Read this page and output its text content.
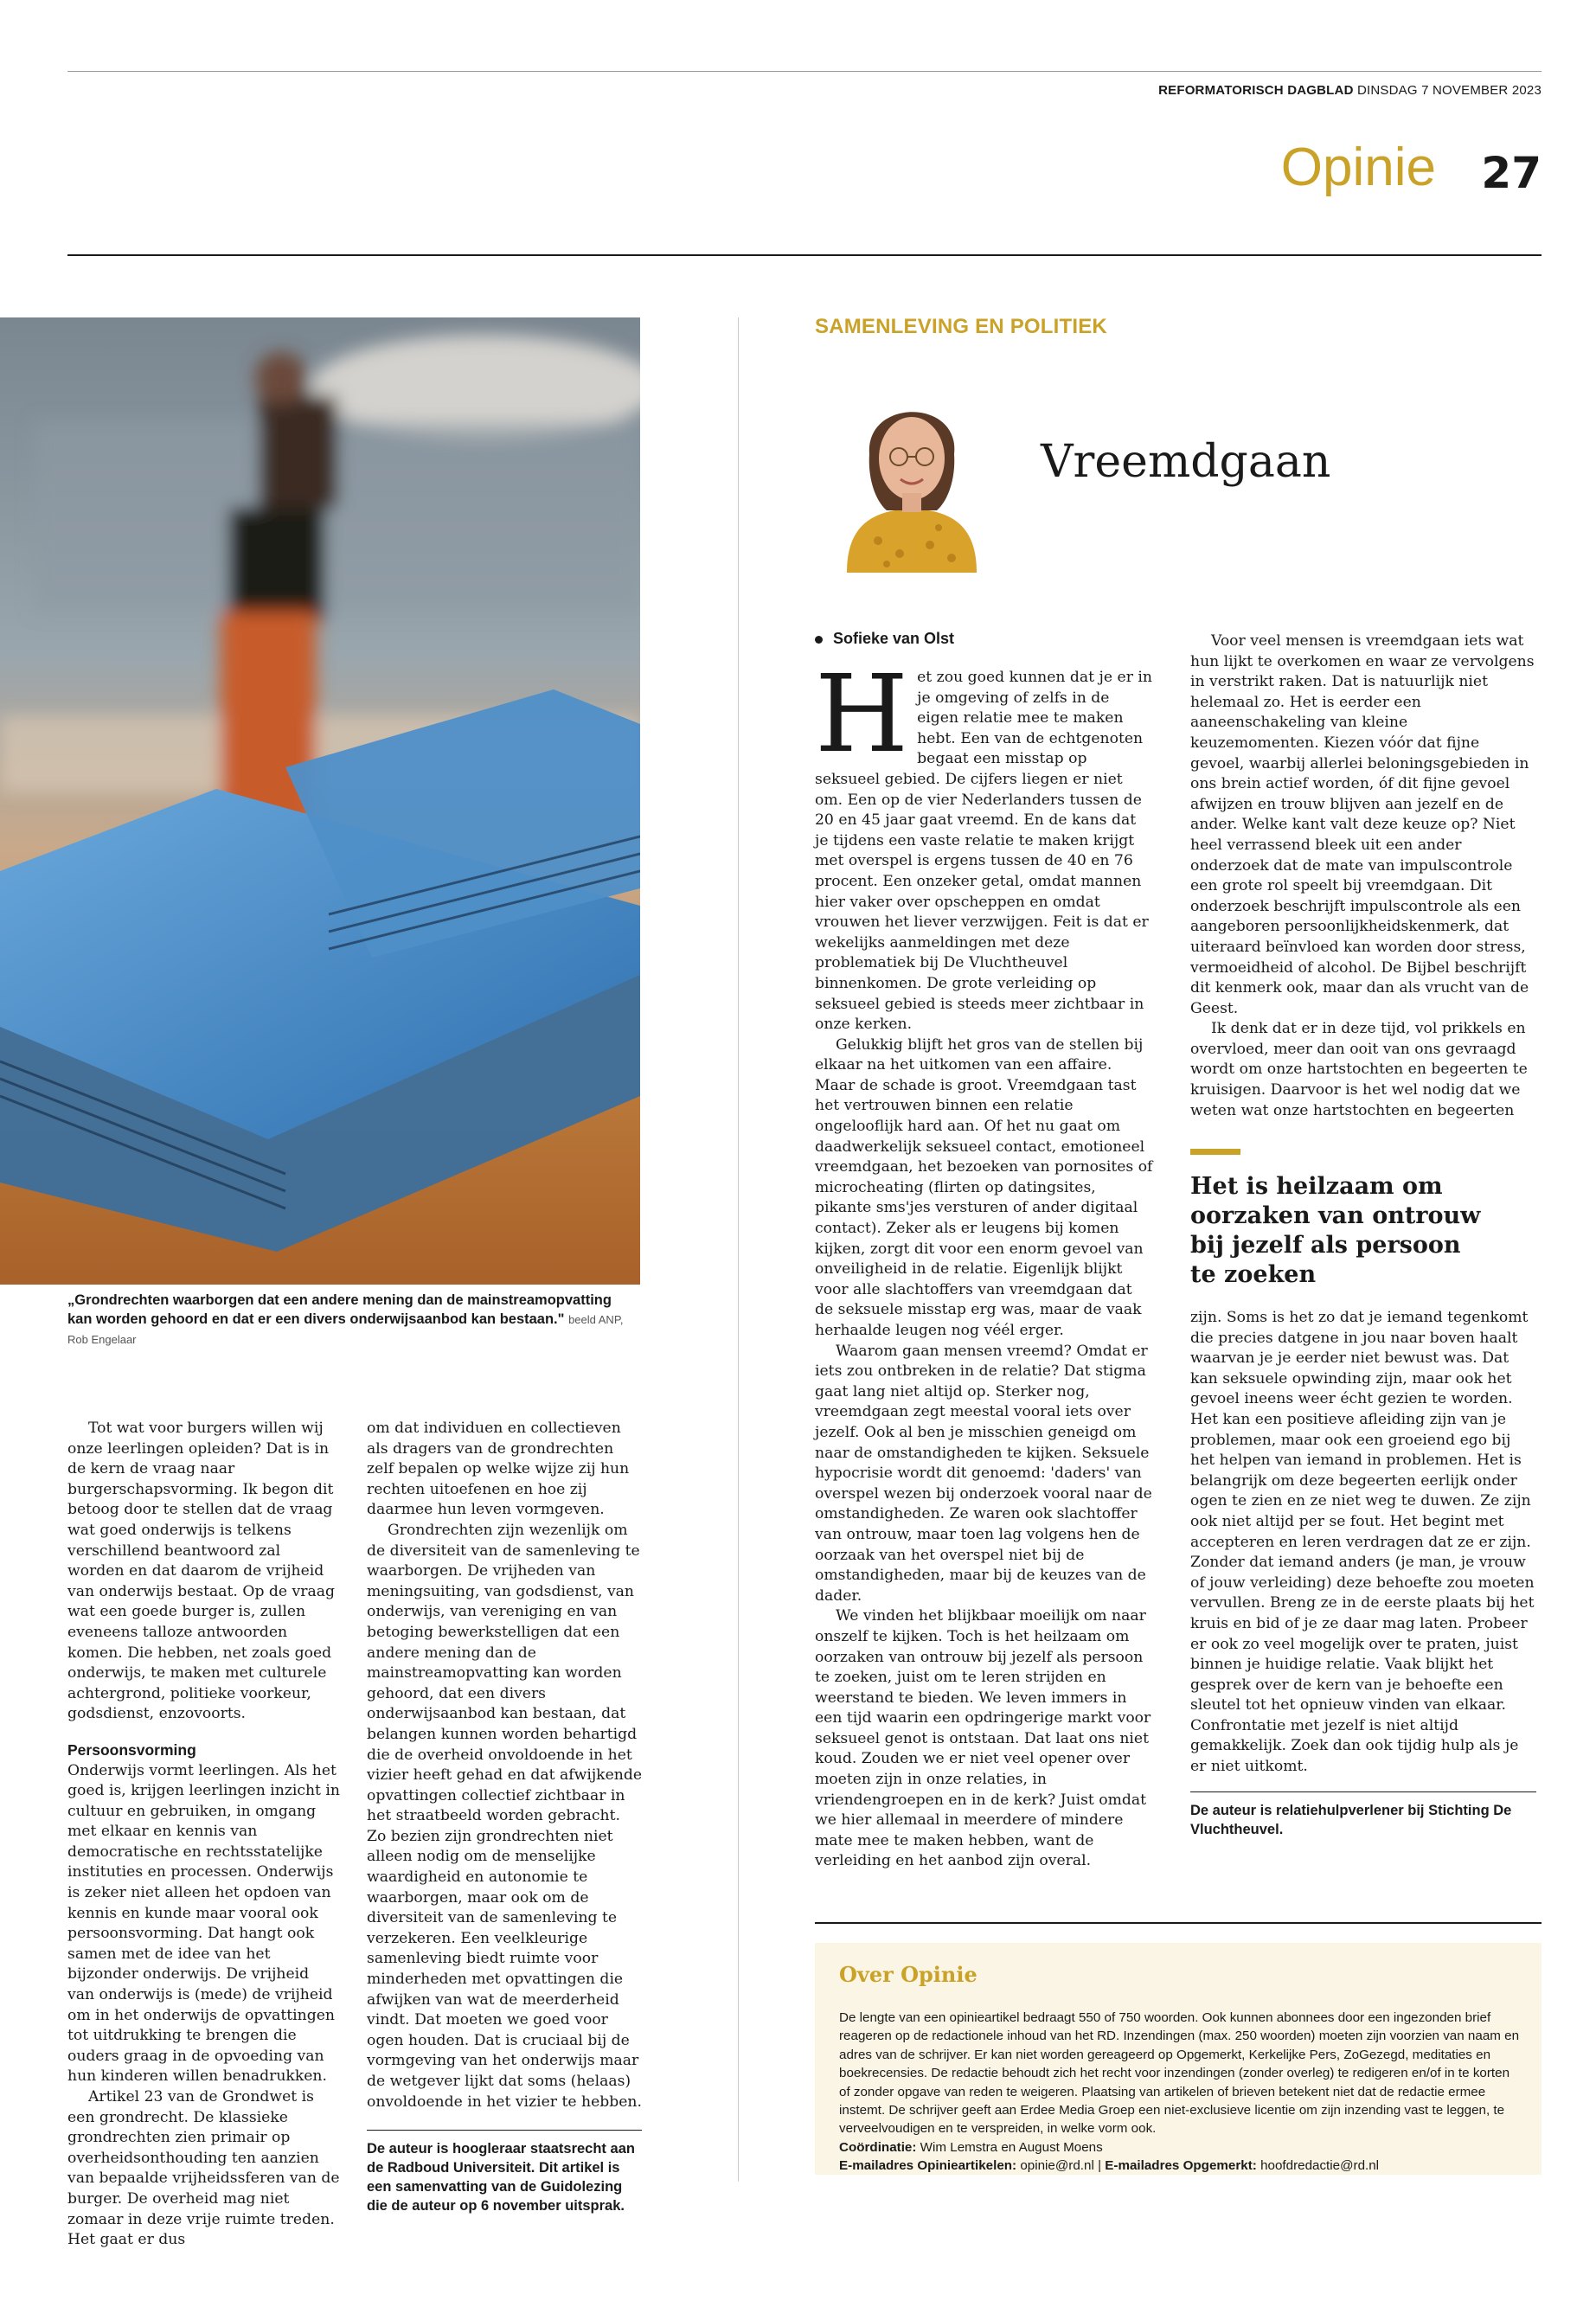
REFORMATORISCH DAGBLAD DINSDAG 7 NOVEMBER 2023
Opinie 27
„Grondrechten waarborgen dat een andere mening dan de mainstreamopvatting kan worden gehoord en dat er een divers onderwijsaanbod kan bestaan." beeld ANP, Rob Engelaar

Tot wat voor burgers willen wij onze leerlingen opleiden? Dat is in de kern de vraag naar burgerschapsvorming. Ik begon dit betoog door te stellen dat de vraag wat goed onderwijs is telkens verschillend beantwoord zal worden en dat daarom de vrijheid van onderwijs bestaat. Op de vraag wat een goede burger is, zullen eveneens talloze antwoorden komen. Die hebben, net zoals goed onderwijs, te maken met culturele achtergrond, politieke voorkeur, godsdienst, enzovoorts.

Persoonsvorming

Onderwijs vormt leerlingen. Als het goed is, krijgen leerlingen inzicht in cultuur en gebruiken, in omgang met elkaar en kennis van democratische en rechtsstatelijke instituties en processen. Onderwijs is zeker niet alleen het opdoen van kennis en kunde maar vooral ook persoonsvorming. Dat hangt ook samen met de idee van het bijzonder onderwijs. De vrijheid van onderwijs is (mede) de vrijheid om in het onderwijs de opvattingen tot uitdrukking te brengen die ouders graag in de opvoeding van hun kinderen willen benadrukken.

Artikel 23 van de Grondwet is een grondrecht. De klassieke grondrechten zien primair op overheidsonthouding ten aanzien van bepaalde vrijheidssferen van de burger. De overheid mag niet zomaar in deze vrije ruimte treden. Het gaat er dus

om dat individuen en collectieven als dragers van de grondrechten zelf bepalen op welke wijze zij hun rechten uitoefenen en hoe zij daarmee hun leven vormgeven.

Grondrechten zijn wezenlijk om de diversiteit van de samenleving te waarborgen. De vrijheden van meningsuiting, van godsdienst, van onderwijs, van vereniging en van betoging bewerkstelligen dat een andere mening dan de mainstreamopvatting kan worden gehoord, dat een divers onderwijsaanbod kan bestaan, dat belangen kunnen worden behartigd die de overheid onvoldoende in het vizier heeft gehad en dat afwijkende opvattingen collectief zichtbaar in het straatbeeld worden gebracht. Zo bezien zijn grondrechten niet alleen nodig om de menselijke waardigheid en autonomie te waarborgen, maar ook om de diversiteit van de samenleving te verzekeren. Een veelkleurige samenleving biedt ruimte voor minderheden met opvattingen die afwijken van wat de meerderheid vindt. Dat moeten we goed voor ogen houden. Dat is cruciaal bij de vormgeving van het onderwijs maar de wetgever lijkt dat soms (helaas) onvoldoende in het vizier te hebben.

De auteur is hoogleraar staatsrecht aan de Radboud Universiteit. Dit artikel is een samenvatting van de Guidolezing die de auteur op 6 november uitsprak.
SAMENLEVING EN POLITIEK
Vreemdgaan
Sofieke van Olst

Het zou goed kunnen dat je er in je omgeving of zelfs in de eigen relatie mee te maken hebt. Een van de echtgenoten begaat een misstap op seksueel gebied. De cijfers liegen er niet om. Een op de vier Nederlanders tussen de 20 en 45 jaar gaat vreemd. En de kans dat je tijdens een vaste relatie te maken krijgt met overspel is ergens tussen de 40 en 76 procent. Een onzeker getal, omdat mannen hier vaker over opscheppen en omdat vrouwen het liever verzwijgen. Feit is dat er wekelijks aanmeldingen met deze problematiek bij De Vluchtheuvel binnenkomen. De grote verleiding op seksueel gebied is steeds meer zichtbaar in onze kerken.

Gelukkig blijft het gros van de stellen bij elkaar na het uitkomen van een affaire. Maar de schade is groot. Vreemdgaan tast het vertrouwen binnen een relatie ongelooflijk hard aan. Of het nu gaat om daadwerkelijk seksueel contact, emotioneel vreemdgaan, het bezoeken van pornosites of microcheating (flirten op datingsites, pikante sms'jes versturen of ander digitaal contact). Zeker als er leugens bij komen kijken, zorgt dit voor een enorm gevoel van onveiligheid in de relatie. Eigenlijk blijkt voor alle slachtoffers van vreemdgaan dat de seksuele misstap erg was, maar de vaak herhaalde leugen nog véél erger.

Waarom gaan mensen vreemd? Omdat er iets zou ontbreken in de relatie? Dat stigma gaat lang niet altijd op. Sterker nog, vreemdgaan zegt meestal vooral iets over jezelf. Ook al ben je misschien geneigd om naar de omstandigheden te kijken. Seksuele hypocrisie wordt dit genoemd: 'daders' van overspel wezen bij onderzoek vooral naar de omstandigheden. Ze waren ook slachtoffer van ontrouw, maar toen lag volgens hen de oorzaak van het overspel niet bij de omstandigheden, maar bij de keuzes van de dader.

We vinden het blijkbaar moeilijk om naar onszelf te kijken. Toch is het heilzaam om oorzaken van ontrouw bij jezelf als persoon te zoeken, juist om te leren strijden en weerstand te bieden. We leven immers in een tijd waarin een opdringerige markt voor seksueel genot is ontstaan. Dat laat ons niet koud. Zouden we er niet veel opener over moeten zijn in onze relaties, in vriendengroepen en in de kerk? Juist omdat we hier allemaal in meerdere of mindere mate mee te maken hebben, want de verleiding en het aanbod zijn overal.

Voor veel mensen is vreemdgaan iets wat hun lijkt te overkomen en waar ze vervolgens in verstrikt raken. Dat is natuurlijk niet helemaal zo. Het is eerder een aaneenschakeling van kleine keuzemomenten. Kiezen vóór dat fijne gevoel, waarbij allerlei beloningsgebieden in ons brein actief worden, óf dit fijne gevoel afwijzen en trouw blijven aan jezelf en de ander. Welke kant valt deze keuze op? Niet heel verrassend bleek uit een ander onderzoek dat de mate van impulscontrole een grote rol speelt bij vreemdgaan. Dit onderzoek beschrijft impulscontrole als een aangeboren persoonlijkheidskenmerk, dat uiteraard beïnvloed kan worden door stress, vermoeidheid of alcohol. De Bijbel beschrijft dit kenmerk ook, maar dan als vrucht van de Geest.

Ik denk dat er in deze tijd, vol prikkels en overvloed, meer dan ooit van ons gevraagd wordt om onze hartstochten en begeerten te kruisigen. Daarvoor is het wel nodig dat we weten wat onze hartstochten en begeerten

Het is heilzaam om oorzaken van ontrouw bij jezelf als persoon te zoeken

zijn. Soms is het zo dat je iemand tegenkomt die precies datgene in jou naar boven haalt waarvan je je eerder niet bewust was. Dat kan seksuele opwinding zijn, maar ook het gevoel ineens weer écht gezien te worden. Het kan een positieve afleiding zijn van je problemen, maar ook een groeiend ego bij het helpen van iemand in problemen. Het is belangrijk om deze begeerten eerlijk onder ogen te zien en ze niet weg te duwen. Ze zijn ook niet altijd per se fout. Het begint met accepteren en leren verdragen dat ze er zijn. Zonder dat iemand anders (je man, je vrouw of jouw verleiding) deze behoefte zou moeten vervullen. Breng ze in de eerste plaats bij het kruis en bid of je ze daar mag laten. Probeer er ook zo veel mogelijk over te praten, juist binnen je huidige relatie. Vaak blijkt het gesprek over de kern van je behoefte een sleutel tot het opnieuw vinden van elkaar. Confrontatie met jezelf is niet altijd gemakkelijk. Zoek dan ook tijdig hulp als je er niet uitkomt.

De auteur is relatiehulpverlener bij Stichting De Vluchtheuvel.
Over Opinie
De lengte van een opinieartikel bedraagt 550 of 750 woorden. Ook kunnen abonnees door een ingezonden brief reageren op de redactionele inhoud van het RD. Inzendingen (max. 250 woorden) moeten zijn voorzien van naam en adres van de schrijver. Er kan niet worden gereageerd op Opgemerkt, Kerkelijke Pers, ZoGezegd, meditaties en boekrecensies. De redactie behoudt zich het recht voor inzendingen (zonder overleg) te redigeren en/of in te korten of zonder opgave van reden te weigeren. Plaatsing van artikelen of brieven betekent niet dat de redactie ermee instemt. De schrijver geeft aan Erdee Media Groep een niet-exclusieve licentie om zijn inzending vast te leggen, te verveelvoudigen en te verspreiden, in welke vorm ook.
Coördinatie: Wim Lemstra en August Moens
E-mailadres Opinieartikelen: opinie@rd.nl | E-mailadres Opgemerkt: hoofdredactie@rd.nl
